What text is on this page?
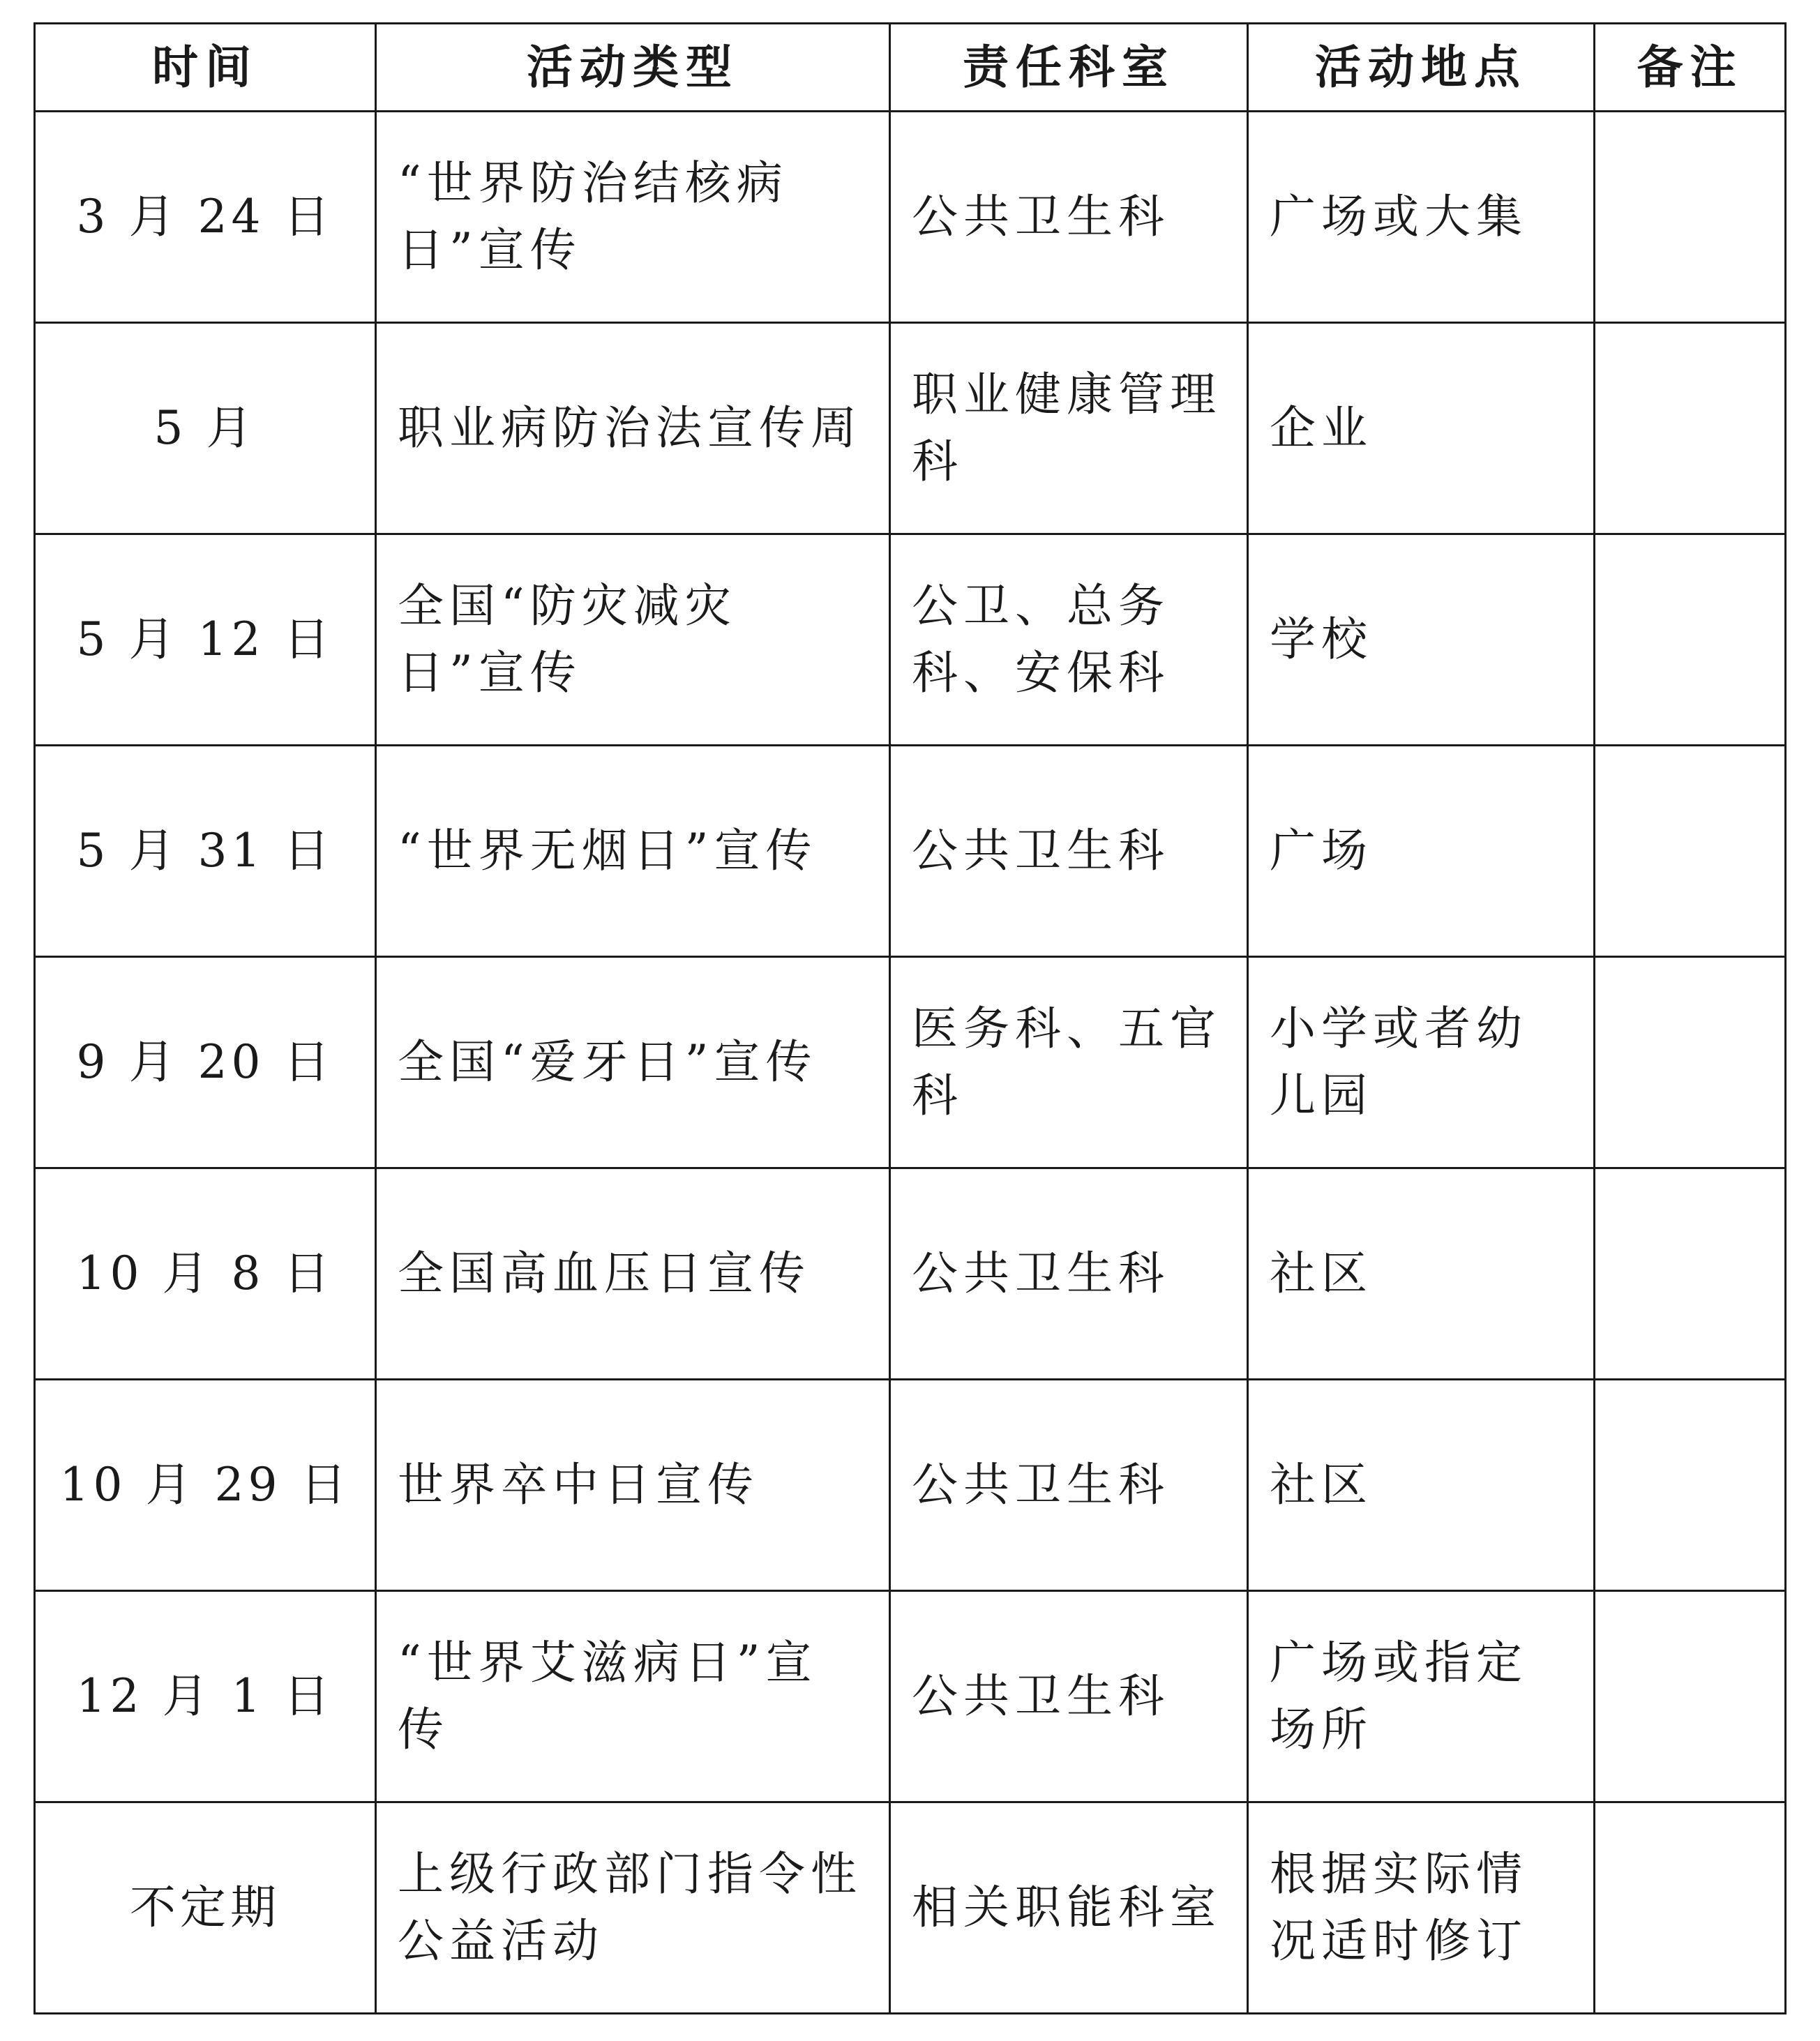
时间	活动类型	责任科室	活动地点	备注
3 月 24 日	“世界防治结核病日”宣传	公共卫生科	广场或大集	
5 月	职业病防治法宣传周	职业健康管理科	企业	
5 月 12 日	全国“防灾减灾日”宣传	公卫、总务科、安保科	学校	
5 月 31 日	“世界无烟日”宣传	公共卫生科	广场	
9 月 20 日	全国“爱牙日”宣传	医务科、五官科	小学或者幼儿园	
10 月 8 日	全国高血压日宣传	公共卫生科	社区	
10 月 29 日	世界卒中日宣传	公共卫生科	社区	
12 月 1 日	“世界艾滋病日”宣传	公共卫生科	广场或指定场所	
不定期	上级行政部门指令性公益活动	相关职能科室	根据实际情况适时修订	
